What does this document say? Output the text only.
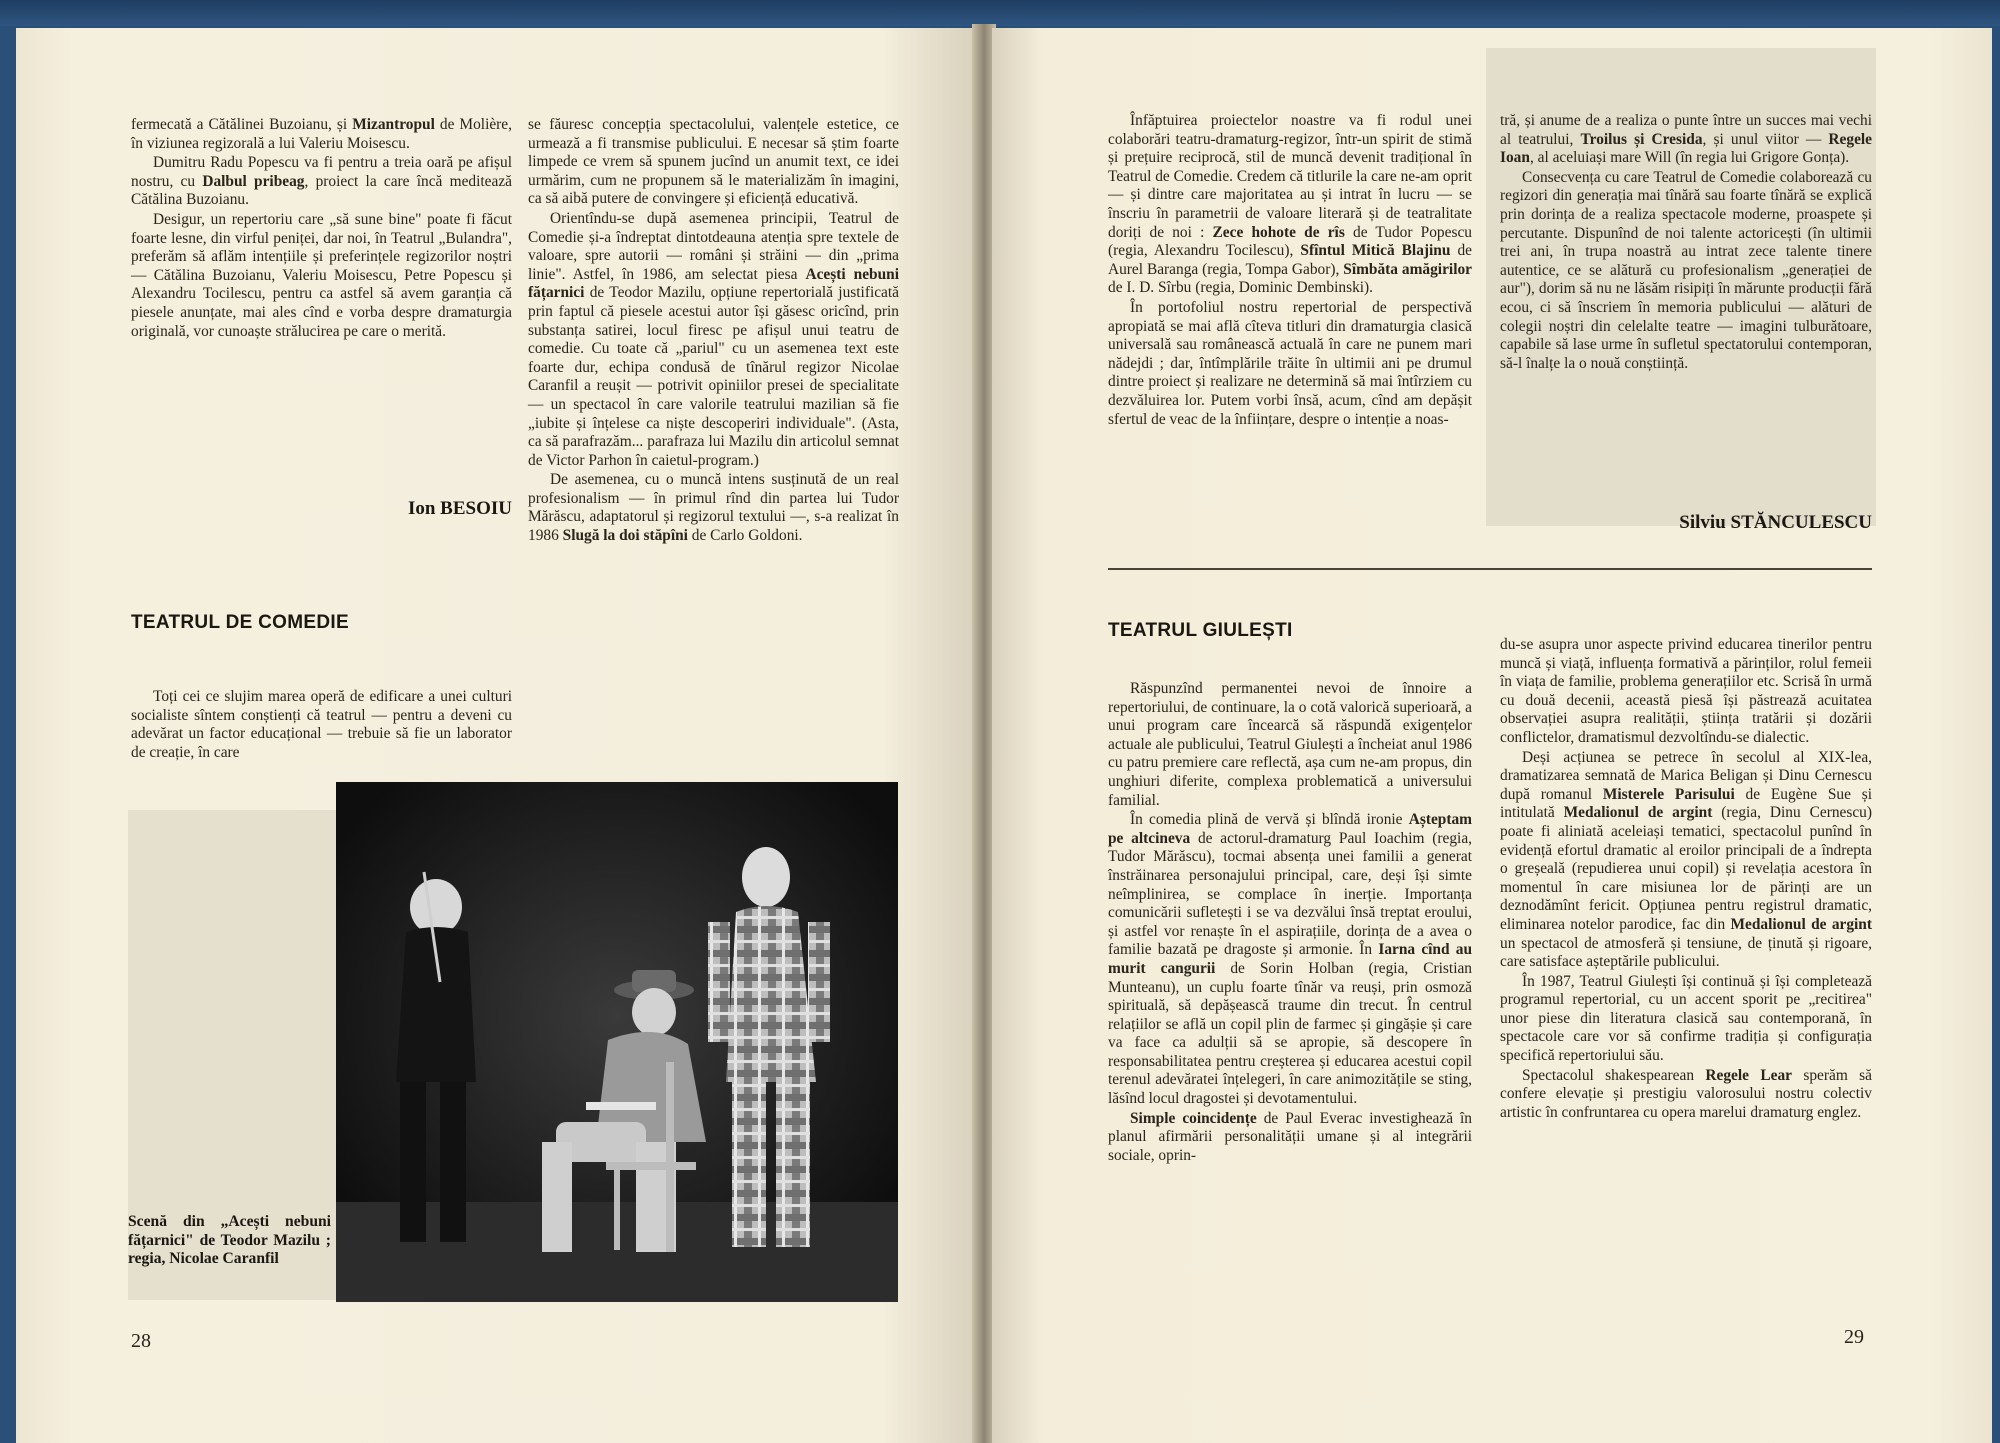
fermecată a Cătălinei Buzoianu, și Mizantropul de Molière, în viziunea regizorală a lui Valeriu Moisescu.

Dumitru Radu Popescu va fi pentru a treia oară pe afișul nostru, cu Dalbul pribeag, proiect la care încă meditează Cătălina Buzoianu.

Desigur, un repertoriu care „să sune bine" poate fi făcut foarte lesne, din virful peniței, dar noi, în Teatrul „Bulandra", preferăm să aflăm intențiile și preferințele regizorilor noștri — Cătălina Buzoianu, Valeriu Moisescu, Petre Popescu și Alexandru Tocilescu, pentru ca astfel să avem garanția că piesele anunțate, mai ales cînd e vorba despre dramaturgia originală, vor cunoaște strălucirea pe care o merită.

Ion BESOIU
TEATRUL DE COMEDIE

Toți cei ce slujim marea operă de edificare a unei culturi socialiste sîntem conștienți că teatrul — pentru a deveni cu adevărat un factor educațional — trebuie să fie un laborator de creație, în care

se făuresc concepția spectacolului, valențele estetice, ce urmează a fi transmise publicului. E necesar să știm foarte limpede ce vrem să spunem jucînd un anumit text, ce idei urmărim, cum ne propunem să le materializăm în imagini, ca să aibă putere de convingere și eficiență educativă.

Orientîndu-se după asemenea principii, Teatrul de Comedie și-a îndreptat dintotdeauna atenția spre textele de valoare, spre autorii — români și străini — din „prima linie". Astfel, în 1986, am selectat piesa Acești nebuni fățarnici de Teodor Mazilu, opțiune repertorială justificată prin faptul că piesele acestui autor își găsesc oricînd, prin substanța satirei, locul firesc pe afișul unui teatru de comedie. Cu toate că „pariul" cu un asemenea text este foarte dur, echipa condusă de tînărul regizor Nicolae Caranfil a reușit — potrivit opiniilor presei de specialitate — un spectacol în care valorile teatrului mazilian să fie „iubite și înțelese ca niște descoperiri individuale". (Asta, ca să parafrazăm... parafraza lui Mazilu din articolul semnat de Victor Parhon în caietul-program.)

De asemenea, cu o muncă intens susținută de un real profesionalism — în primul rînd din partea lui Tudor Mărăscu, adaptatorul și regizorul textului —, s-a realizat în 1986 Slugă la doi stăpîni de Carlo Goldoni.

Scenă din „Acești nebuni fățarnici" de Teodor Mazilu ; regia, Nicolae Caranfil
28

Înfăptuirea proiectelor noastre va fi rodul unei colaborări teatru-dramaturg-regizor, într-un spirit de stimă și prețuire reciprocă, stil de muncă devenit tradițional în Teatrul de Comedie. Credem că titlurile la care ne-am oprit — și dintre care majoritatea au și intrat în lucru — se înscriu în parametrii de valoare literară și de teatralitate doriți de noi : Zece hohote de rîs de Tudor Popescu (regia, Alexandru Tocilescu), Sfîntul Mitică Blajinu de Aurel Baranga (regia, Tompa Gabor), Sîmbăta amăgirilor de I. D. Sîrbu (regia, Dominic Dembinski).

În portofoliul nostru repertorial de perspectivă apropiată se mai află cîteva titluri din dramaturgia clasică universală sau românească actuală în care ne punem mari nădejdi ; dar, întîmplările trăite în ultimii ani pe drumul dintre proiect și realizare ne determină să mai întîrziem cu dezvăluirea lor. Putem vorbi însă, acum, cînd am depășit sfertul de veac de la înființare, despre o intenție a noas-

tră, și anume de a realiza o punte între un succes mai vechi al teatrului, Troilus și Cresida, și unul viitor — Regele Ioan, al aceluiași mare Will (în regia lui Grigore Gonța).

Consecvența cu care Teatrul de Comedie colaborează cu regizori din generația mai tînără sau foarte tînără se explică prin dorința de a realiza spectacole moderne, proaspete și percutante. Dispunînd de noi talente actoricești (în ultimii trei ani, în trupa noastră au intrat zece talente tinere autentice, ce se alătură cu profesionalism „generației de aur"), dorim să nu ne lăsăm risipiți în mărunte producții fără ecou, ci să înscriem în memoria publicului — alături de colegii noștri din celelalte teatre — imagini tulburătoare, capabile să lase urme în sufletul spectatorului contemporan, să-l înalțe la o nouă conștiință.

Silviu STĂNCULESCU
TEATRUL GIULEȘTI

Răspunzînd permanentei nevoi de înnoire a repertoriului, de continuare, la o cotă valorică superioară, a unui program care încearcă să răspundă exigențelor actuale ale publicului, Teatrul Giulești a încheiat anul 1986 cu patru premiere care reflectă, așa cum ne-am propus, din unghiuri diferite, complexa problematică a universului familial.

În comedia plină de vervă și blîndă ironie Așteptam pe altcineva de actorul-dramaturg Paul Ioachim (regia, Tudor Mărăscu), tocmai absența unei familii a generat înstrăinarea personajului principal, care, deși își simte neîmplinirea, se complace în inerție. Importanța comunicării sufletești i se va dezvălui însă treptat eroului, și astfel vor renaște în el aspirațiile, dorința de a avea o familie bazată pe dragoste și armonie. În Iarna cînd au murit cangurii de Sorin Holban (regia, Cristian Munteanu), un cuplu foarte tînăr va reuși, prin osmoză spirituală, să depășească traume din trecut. În centrul relațiilor se află un copil plin de farmec și gingășie și care va face ca adulții să se apropie, să descopere în responsabilitatea pentru creșterea și educarea acestui copil terenul adevăratei înțelegeri, în care animozitățile se sting, lăsînd locul dragostei și devotamentului.

Simple coincidențe de Paul Everac investighează în planul afirmării personalității umane și al integrării sociale, oprin-

du-se asupra unor aspecte privind educarea tinerilor pentru muncă și viață, influența formativă a părinților, rolul femeii în viața de familie, problema generațiilor etc. Scrisă în urmă cu două decenii, această piesă își păstrează acuitatea observației asupra realității, știința tratării și dozării conflictelor, dramatismul dezvoltîndu-se dialectic.

Deși acțiunea se petrece în secolul al XIX-lea, dramatizarea semnată de Marica Beligan și Dinu Cernescu după romanul Misterele Parisului de Eugène Sue și intitulată Medalionul de argint (regia, Dinu Cernescu) poate fi aliniată aceleiași tematici, spectacolul punînd în evidență efortul dramatic al eroilor principali de a îndrepta o greșeală (repudierea unui copil) și revelația acestora în momentul în care misiunea lor de părinți are un deznodămînt fericit. Opțiunea pentru registrul dramatic, eliminarea notelor parodice, fac din Medalionul de argint un spectacol de atmosferă și tensiune, de ținută și rigoare, care satisface așteptările publicului.

În 1987, Teatrul Giulești își continuă și își completează programul repertorial, cu un accent sporit pe „recitirea" unor piese din literatura clasică sau contemporană, în spectacole care vor să confirme tradiția și configurația specifică repertoriului său.

Spectacolul shakespearean Regele Lear sperăm să confere elevație și prestigiu valorosului nostru colectiv artistic în confruntarea cu opera marelui dramaturg englez.

29
